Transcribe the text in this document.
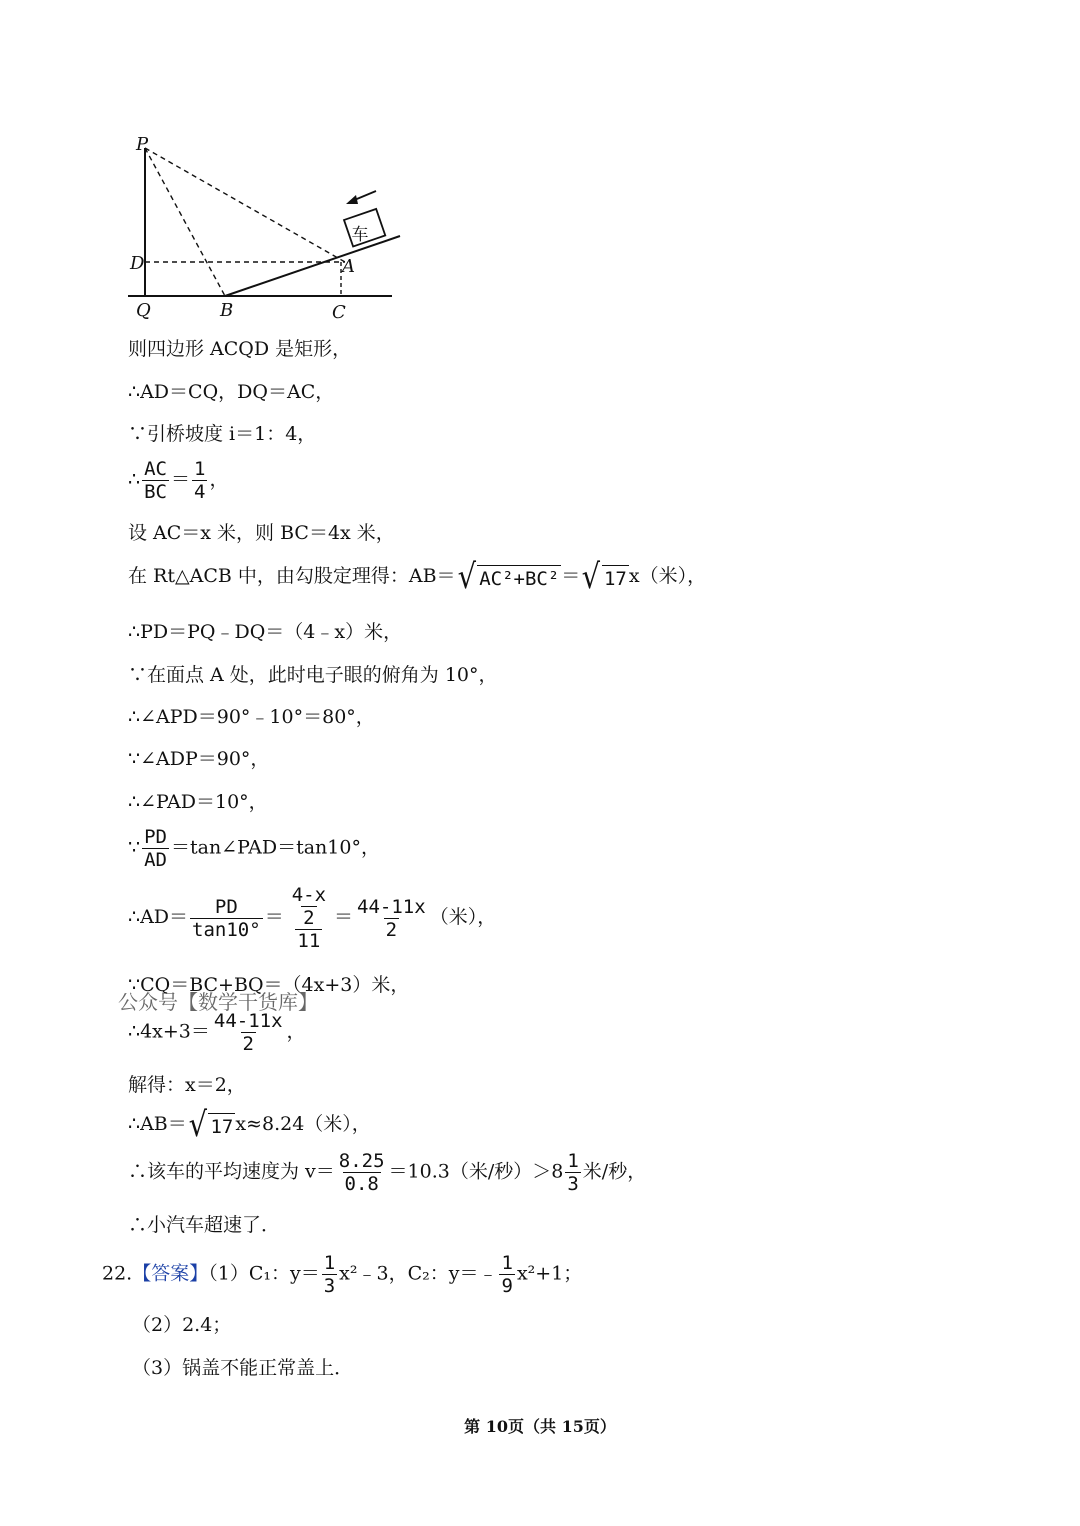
车
P
D	A
Q	B	C
则四边形 ACQD 是矩形，
∴AD＝CQ，DQ＝AC，
∵引桥坡度 i＝1：4，
∴ $\frac{AC}{BC} = \frac{1}{4}$ ，
设 AC＝x 米，则 BC＝4x 米，
在 Rt△ACB 中，由勾股定理得：AB＝ √ AC²+BC² ＝ √ 17 x（米），
∴PD＝PQ﹣DQ＝（4﹣x）米，
∵在面点 A 处，此时电子眼的俯角为 10°，
∴∠APD＝90°﹣10°＝80°，
∵∠ADP＝90°，
∴∠PAD＝10°，
∵ $\frac{PD}{AD}$ ＝tan∠PAD＝tan10°，
∴AD＝ $\frac{PD}{\tan 10^\circ} = \frac{\frac{4-x}{2}}{11} = \frac{44-11x}{2}$ （米），
∵CQ＝BC+BQ＝（4x+3）米，
公众号【数学干货库】
∴4x+3＝ $\frac{44-11x}{2}$ ，
解得：x＝2，
∴AB＝ √ 17 x≈8.24（米），
∴该车的平均速度为 $v= \frac{8.25}{0.8} =10.3$（米/秒）$>8 \frac{1}{3}$ 米/秒，
∴小汽车超速了．
22.【答案】（1）C₁：$y= \frac{1}{3}$ x²﹣3，C₂：y＝﹣ $\frac{1}{9} x^2+1$；
（2）2.4；
（3）锅盖不能正常盖上．
第 10页（共 15页）
